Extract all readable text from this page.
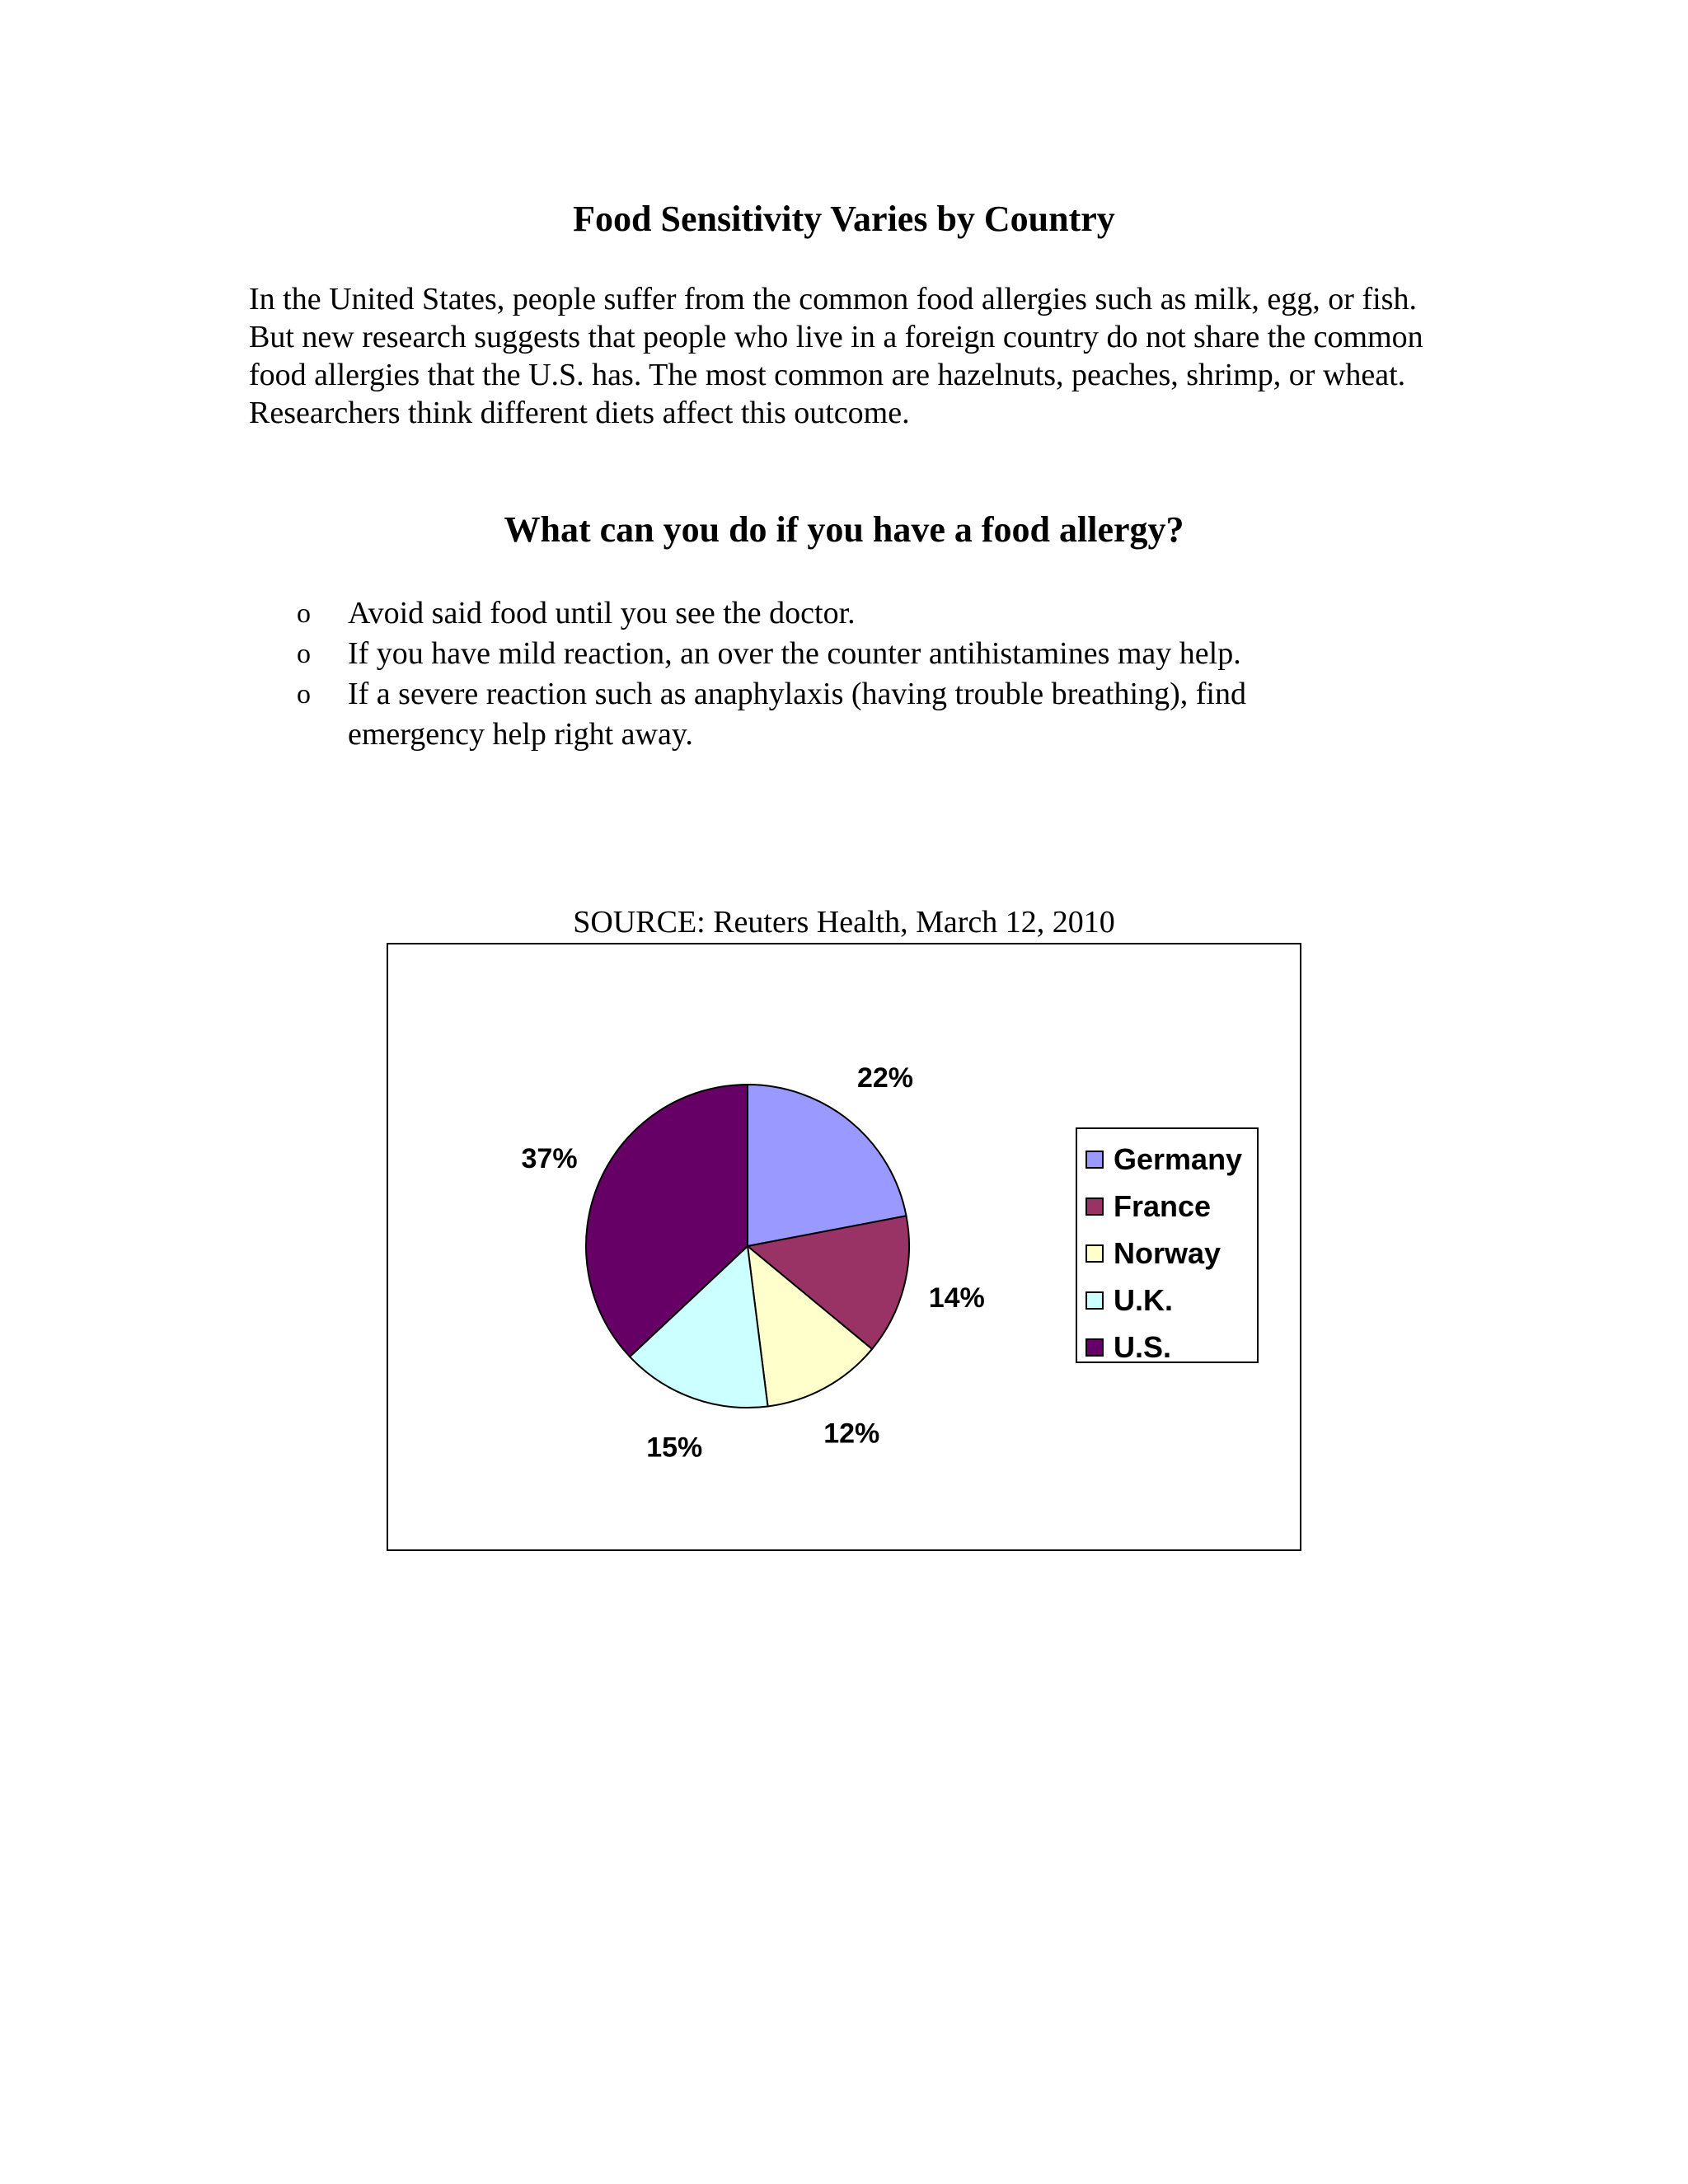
Food Sensitivity Varies by Country
In the United States, people suffer from the common food allergies such as milk, egg, or fish. But new research suggests that people who live in a foreign country do not share the common food allergies that the U.S. has. The most common are hazelnuts, peaches, shrimp, or wheat. Researchers think different diets affect this outcome.
What can you do if you have a food allergy?
o Avoid said food until you see the doctor.
o If you have mild reaction, an over the counter antihistamines may help.
o If a severe reaction such as anaphylaxis (having trouble breathing), find emergency help right away.
SOURCE: Reuters Health, March 12, 2010
22%
14%
12%
15%
37%	Germany
France
Norway
U.K.
U.S.
